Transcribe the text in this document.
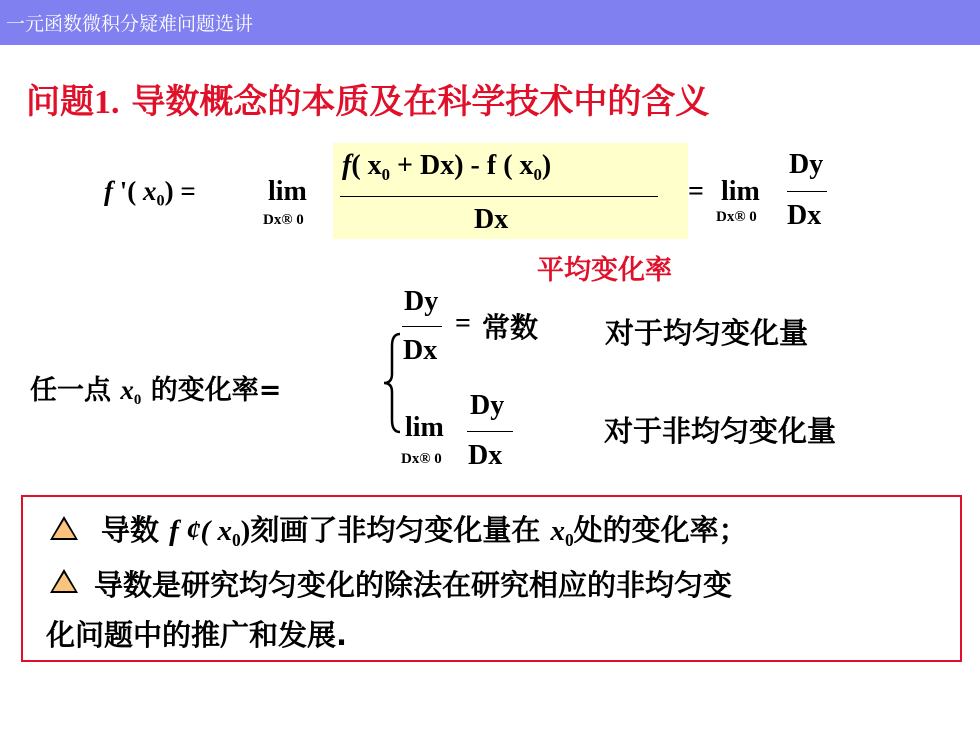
一元函数微积分疑难问题选讲
问题1. 导数概念的本质及在科学技术中的含义
f '( $x_0$) =	lim
Dx® 0
f( $x_0 + Dx) - f$ ( $x_0$)
Dx
= lim
Dx® 0
Dy
Dx
平均变化率
任一点 $x_0$ 的变化率=
Dy
Dx
= 常数 对于均匀变化量
lim
Dx® 0
Dy
Dx
对于非均匀变化量
导数 f ¢( $x_0$)刻画了非均匀变化量在 $x_0$处的变化率；
导数是研究均匀变化的除法在研究相应的非均匀变
化问题中的推广和发展.
